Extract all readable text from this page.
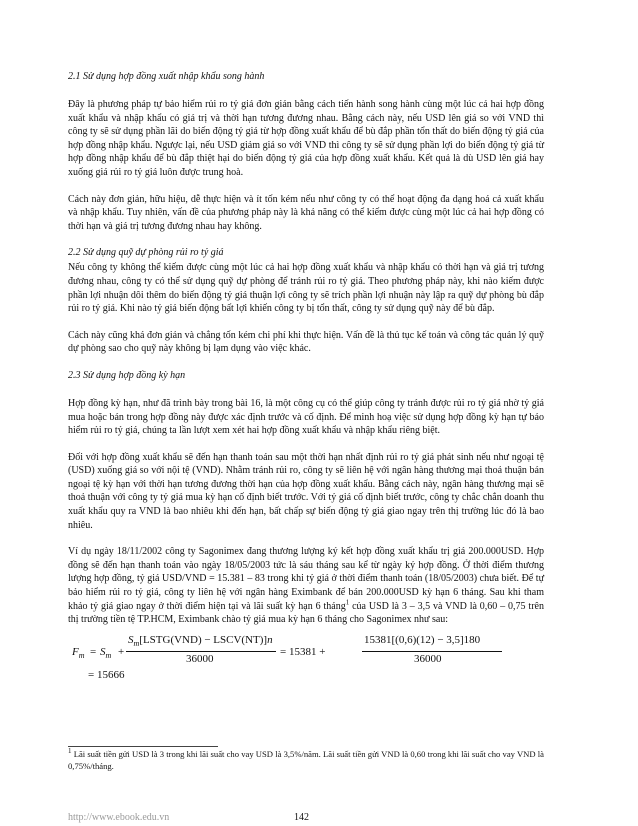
2.1 Sử dụng hợp đồng xuất nhập khẩu song hành

Đây là phương pháp tự bảo hiểm rủi ro tỷ giá đơn giản bằng cách tiến hành song hành cùng một lúc cả hai hợp đồng xuất khẩu và nhập khẩu có giá trị và thời hạn tương đương nhau. Bằng cách này, nếu USD lên giá so với VND thì công ty sẽ sử dụng phần lãi do biến động tỷ giá từ hợp đồng xuất khẩu để bù đắp phần tổn thất do biến động tỷ giá của hợp đồng nhập khẩu. Ngược lại, nếu USD giảm giá so với VND thì công ty sẽ sử dụng phần lợi do biến động tỷ giá từ hợp đồng nhập khẩu để bù đắp thiệt hại do biến động tỷ giá của hợp đồng xuất khẩu. Kết quả là dù USD lên giá hay xuống giá rủi ro tỷ giá luôn được trung hoà.

Cách này đơn giản, hữu hiệu, dễ thực hiện và ít tốn kém nếu như công ty có thể hoạt động đa dạng hoá cả xuất khẩu và nhập khẩu. Tuy nhiên, vấn đề của phương pháp này là khả năng có thể kiếm được cùng một lúc cả hai hợp đồng có thời hạn và giá trị tương đương nhau hay không.

2.2 Sử dụng quỹ dự phòng rủi ro tỷ giá

Nếu công ty không thể kiếm được cùng một lúc cả hai hợp đồng xuất khẩu và nhập khẩu có thời hạn và giá trị tương đương nhau, công ty có thể sử dụng quỹ dự phòng để tránh rủi ro tỷ giá. Theo phương pháp này, khi nào kiếm được phần lợi nhuận dôi thêm do biến động tỷ giá thuận lợi công ty sẽ trích phần lợi nhuận này lập ra quỹ dự phòng bù đắp rủi ro tỷ giá. Khi nào tỷ giá biến động bất lợi khiến công ty bị tổn thất, công ty sử dụng quỹ này để bù đắp.

Cách này cũng khá đơn giản và chẳng tốn kém chi phí khi thực hiện. Vấn đề là thủ tục kế toán và công tác quản lý quỹ dự phòng sao cho quỹ này không bị lạm dụng vào việc khác.

2.3 Sử dụng hợp đồng kỳ hạn

Hợp đồng kỳ hạn, như đã trình bày trong bài 16, là một công cụ có thể giúp công ty tránh được rủi ro tỷ giá nhờ tỷ giá mua hoặc bán trong hợp đồng này được xác định trước và cố định. Để minh hoạ việc sử dụng hợp đồng kỳ hạn tự bảo hiểm rủi ro tỷ giá, chúng ta lần lượt xem xét hai hợp đồng xuất khẩu và nhập khẩu riêng biệt.

Đối với hợp đồng xuất khẩu sẽ đến hạn thanh toán sau một thời hạn nhất định rủi ro tỷ giá phát sinh nếu như ngoại tệ (USD) xuống giá so với nội tệ (VND). Nhằm tránh rủi ro, công ty sẽ liên hệ với ngân hàng thương mại thoả thuận bán ngoại tệ kỳ hạn với thời hạn tương đương thời hạn của hợp đồng xuất khẩu. Bằng cách này, ngân hàng thương mại sẽ thoả thuận với công ty tỷ giá mua kỳ hạn cố định biết trước. Với tỷ giá cố định biết trước, công ty chắc chắn doanh thu xuất khẩu quy ra VND là bao nhiêu khi đến hạn, bất chấp sự biến động tỷ giá giao ngay trên thị trường lúc đó là bao nhiêu.

Ví dụ ngày 18/11/2002 công ty Sagonimex đang thương lượng ký kết hợp đồng xuất khẩu trị giá 200.000USD. Hợp đồng sẽ đến hạn thanh toán vào ngày 18/05/2003 tức là sáu tháng sau kể từ ngày ký hợp đồng. Ở thời điểm thương lượng hợp đồng, tỷ giá USD/VND = 15.381 – 83 trong khi tỷ giá ở thời điểm thanh toán (18/05/2003) chưa biết. Để tự bảo hiểm rủi ro tỷ giá, công ty liên hệ với ngân hàng Eximbank để bán 200.000USD kỳ hạn 6 tháng. Sau khi tham khảo tỷ giá giao ngay ở thời điểm hiện tại và lãi suất kỳ hạn 6 tháng$^1$ của USD là 3 – 3,5 và VND là 0,60 – 0,75 trên thị trường tiền tệ TP.HCM, Eximbank chào tỷ giá mua kỳ hạn 6 tháng cho Sagonimex như sau:

$F_m = S_m$ +
$S_m[LSTG(VND)$ − LSCV(NT)]n
36000
= 15381 +
15381[(0,6)(12) − 3,5]180
36000
= 15666
$^1$ Lãi suất tiền gửi USD là 3 trong khi lãi suất cho vay USD là 3,5%/năm. Lãi suất tiền gửi VND là 0,60 trong khi lãi suất cho vay VND là 0,75%/tháng.
http://www.ebook.edu.vn	142
